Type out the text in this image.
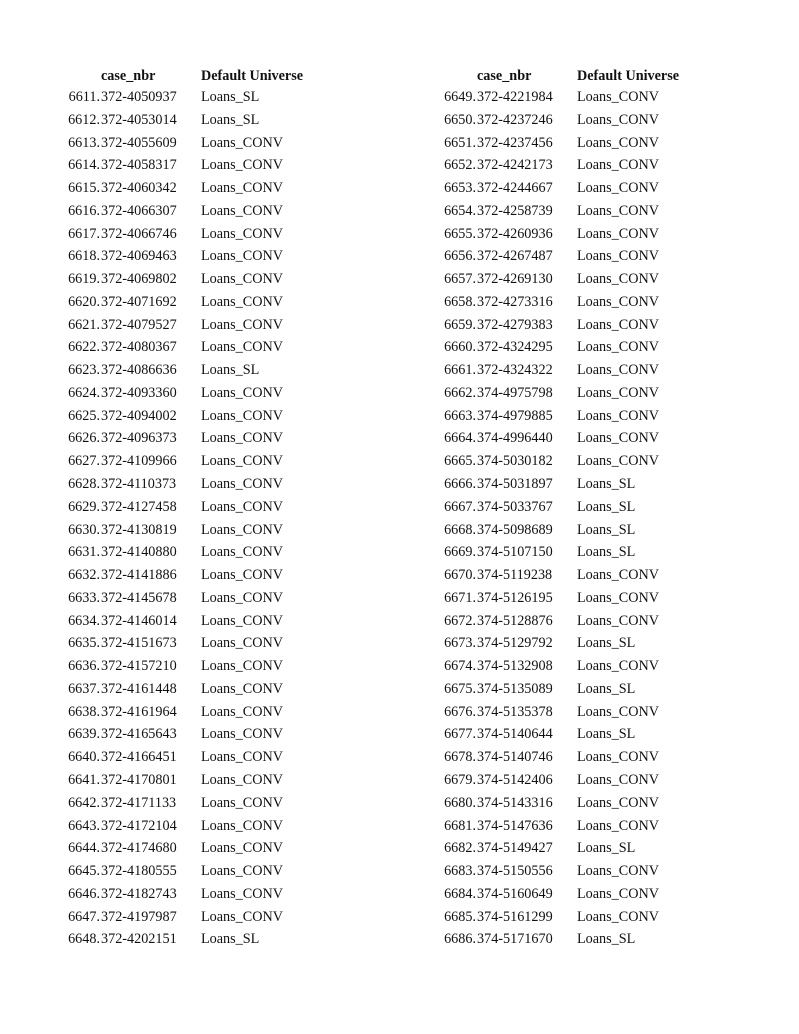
	case_nbr	Default Universe
6611.	372-4050937	Loans_SL
6612.	372-4053014	Loans_SL
6613.	372-4055609	Loans_CONV
6614.	372-4058317	Loans_CONV
6615.	372-4060342	Loans_CONV
6616.	372-4066307	Loans_CONV
6617.	372-4066746	Loans_CONV
6618.	372-4069463	Loans_CONV
6619.	372-4069802	Loans_CONV
6620.	372-4071692	Loans_CONV
6621.	372-4079527	Loans_CONV
6622.	372-4080367	Loans_CONV
6623.	372-4086636	Loans_SL
6624.	372-4093360	Loans_CONV
6625.	372-4094002	Loans_CONV
6626.	372-4096373	Loans_CONV
6627.	372-4109966	Loans_CONV
6628.	372-4110373	Loans_CONV
6629.	372-4127458	Loans_CONV
6630.	372-4130819	Loans_CONV
6631.	372-4140880	Loans_CONV
6632.	372-4141886	Loans_CONV
6633.	372-4145678	Loans_CONV
6634.	372-4146014	Loans_CONV
6635.	372-4151673	Loans_CONV
6636.	372-4157210	Loans_CONV
6637.	372-4161448	Loans_CONV
6638.	372-4161964	Loans_CONV
6639.	372-4165643	Loans_CONV
6640.	372-4166451	Loans_CONV
6641.	372-4170801	Loans_CONV
6642.	372-4171133	Loans_CONV
6643.	372-4172104	Loans_CONV
6644.	372-4174680	Loans_CONV
6645.	372-4180555	Loans_CONV
6646.	372-4182743	Loans_CONV
6647.	372-4197987	Loans_CONV
6648.	372-4202151	Loans_SL
	case_nbr	Default Universe
6649.	372-4221984	Loans_CONV
6650.	372-4237246	Loans_CONV
6651.	372-4237456	Loans_CONV
6652.	372-4242173	Loans_CONV
6653.	372-4244667	Loans_CONV
6654.	372-4258739	Loans_CONV
6655.	372-4260936	Loans_CONV
6656.	372-4267487	Loans_CONV
6657.	372-4269130	Loans_CONV
6658.	372-4273316	Loans_CONV
6659.	372-4279383	Loans_CONV
6660.	372-4324295	Loans_CONV
6661.	372-4324322	Loans_CONV
6662.	374-4975798	Loans_CONV
6663.	374-4979885	Loans_CONV
6664.	374-4996440	Loans_CONV
6665.	374-5030182	Loans_CONV
6666.	374-5031897	Loans_SL
6667.	374-5033767	Loans_SL
6668.	374-5098689	Loans_SL
6669.	374-5107150	Loans_SL
6670.	374-5119238	Loans_CONV
6671.	374-5126195	Loans_CONV
6672.	374-5128876	Loans_CONV
6673.	374-5129792	Loans_SL
6674.	374-5132908	Loans_CONV
6675.	374-5135089	Loans_SL
6676.	374-5135378	Loans_CONV
6677.	374-5140644	Loans_SL
6678.	374-5140746	Loans_CONV
6679.	374-5142406	Loans_CONV
6680.	374-5143316	Loans_CONV
6681.	374-5147636	Loans_CONV
6682.	374-5149427	Loans_SL
6683.	374-5150556	Loans_CONV
6684.	374-5160649	Loans_CONV
6685.	374-5161299	Loans_CONV
6686.	374-5171670	Loans_SL
